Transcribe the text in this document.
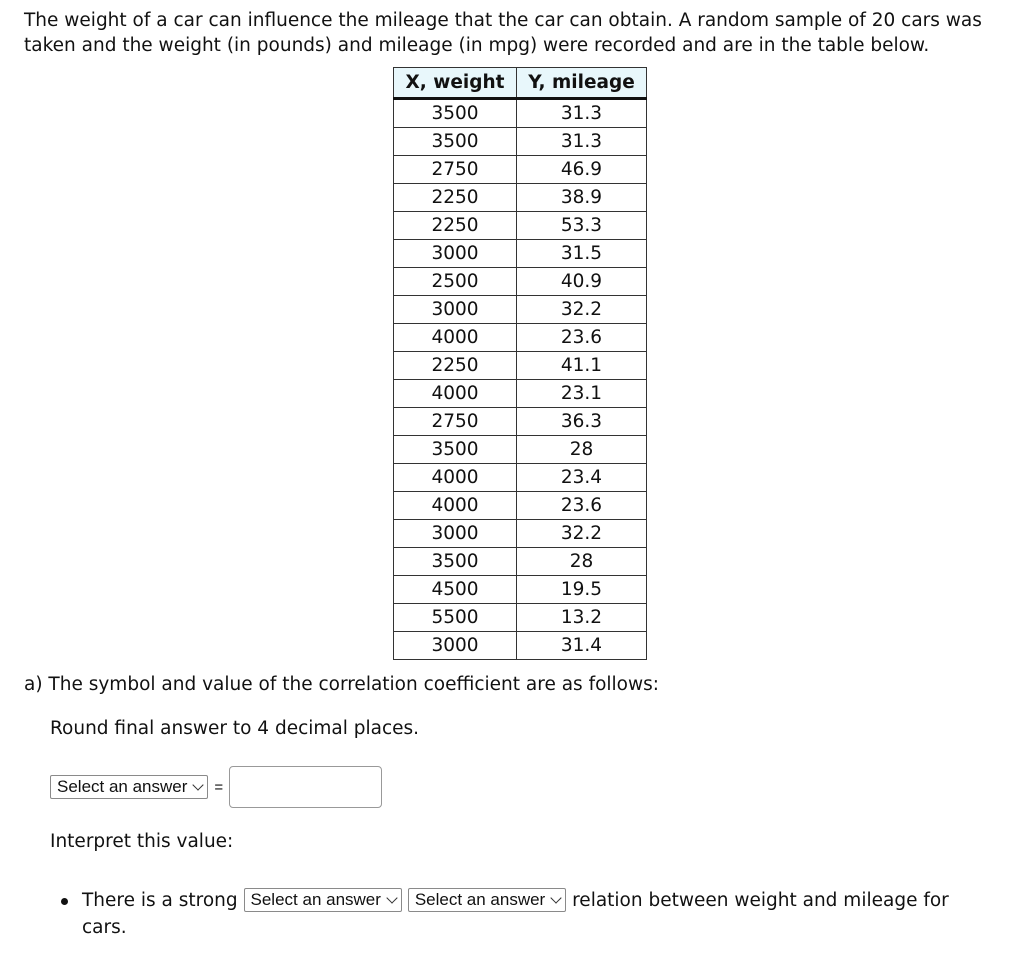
The weight of a car can influence the mileage that the car can obtain. A random sample of 20 cars was taken and the weight (in pounds) and mileage (in mpg) were recorded and are in the table below.

X, weight	Y, mileage
3500	31.3
3500	31.3
2750	46.9
2250	38.9
2250	53.3
3000	31.5
2500	40.9
3000	32.2
4000	23.6
2250	41.1
4000	23.1
2750	36.3
3500	28
4000	23.4
4000	23.6
3000	32.2
3500	28
4500	19.5
5500	13.2
3000	31.4

a) The symbol and value of the correlation coefficient are as follows:

Round final answer to 4 decimal places.

Select an answer =

Interpret this value:

There is a strong Select an answer
Select an answer relation between weight and mileage for cars.
